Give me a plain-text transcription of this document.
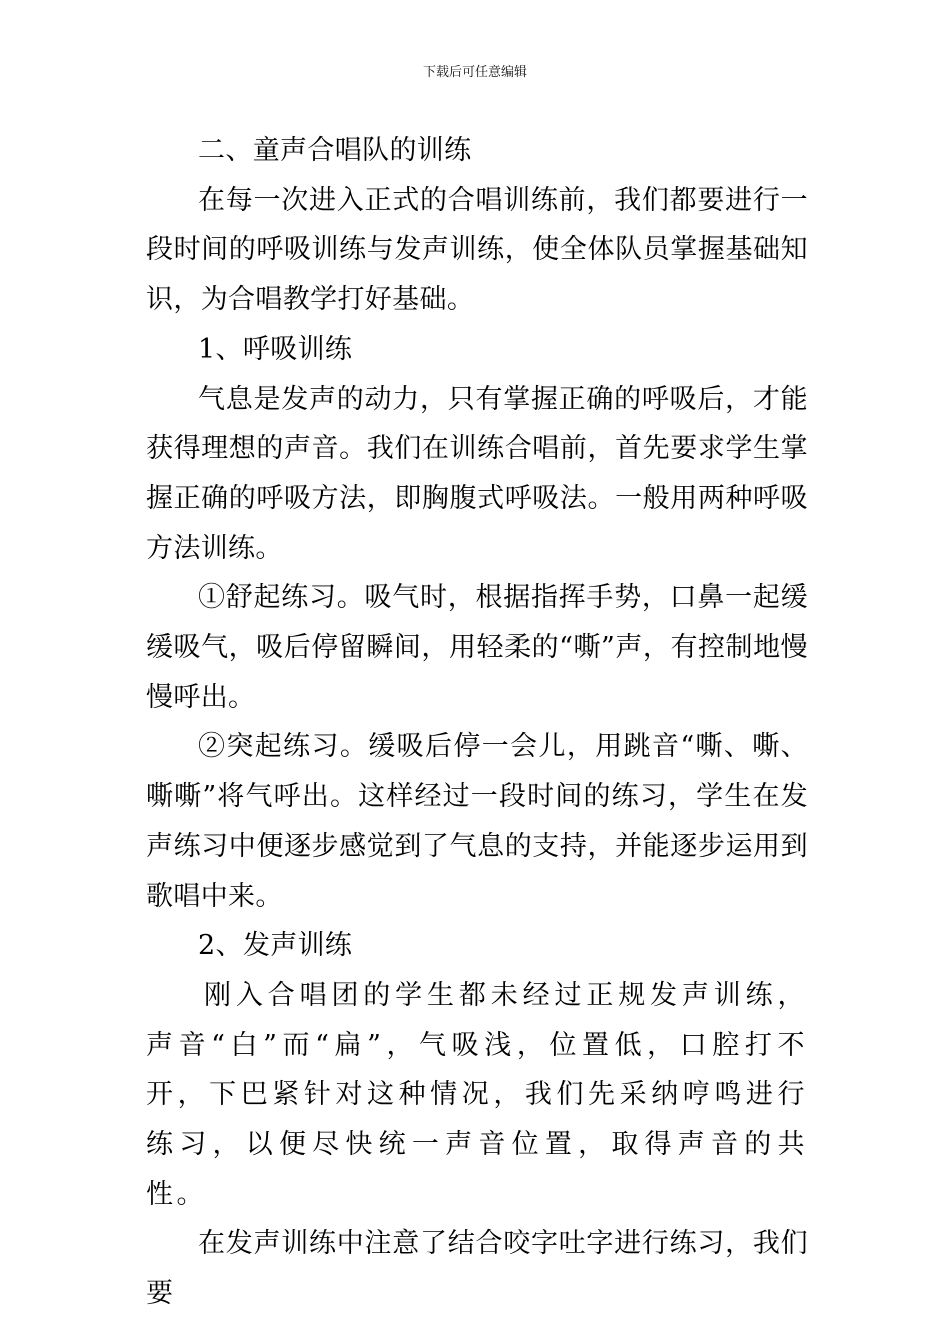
下载后可任意编辑

二、童声合唱队的训练

在每一次进入正式的合唱训练前，我们都要进行一段时间的呼吸训练与发声训练，使全体队员掌握基础知识，为合唱教学打好基础。

1、呼吸训练

气息是发声的动力，只有掌握正确的呼吸后，才能获得理想的声音。我们在训练合唱前，首先要求学生掌握正确的呼吸方法，即胸腹式呼吸法。一般用两种呼吸方法训练。

①舒起练习。吸气时，根据指挥手势，口鼻一起缓缓吸气，吸后停留瞬间，用轻柔的“嘶”声，有控制地慢慢呼出。

②突起练习。缓吸后停一会儿，用跳音“嘶、嘶、嘶嘶”将气呼出。这样经过一段时间的练习，学生在发声练习中便逐步感觉到了气息的支持，并能逐步运用到歌唱中来。

2、发声训练

刚入合唱团的学生都未经过正规发声训练，声音“白”而“扁”，气吸浅，位置低，口腔打不开，下巴紧针对这种情况，我们先采纳哼鸣进行练习，以便尽快统一声音位置，取得声音的共性。

在发声训练中注意了结合咬字吐字进行练习，我们要
